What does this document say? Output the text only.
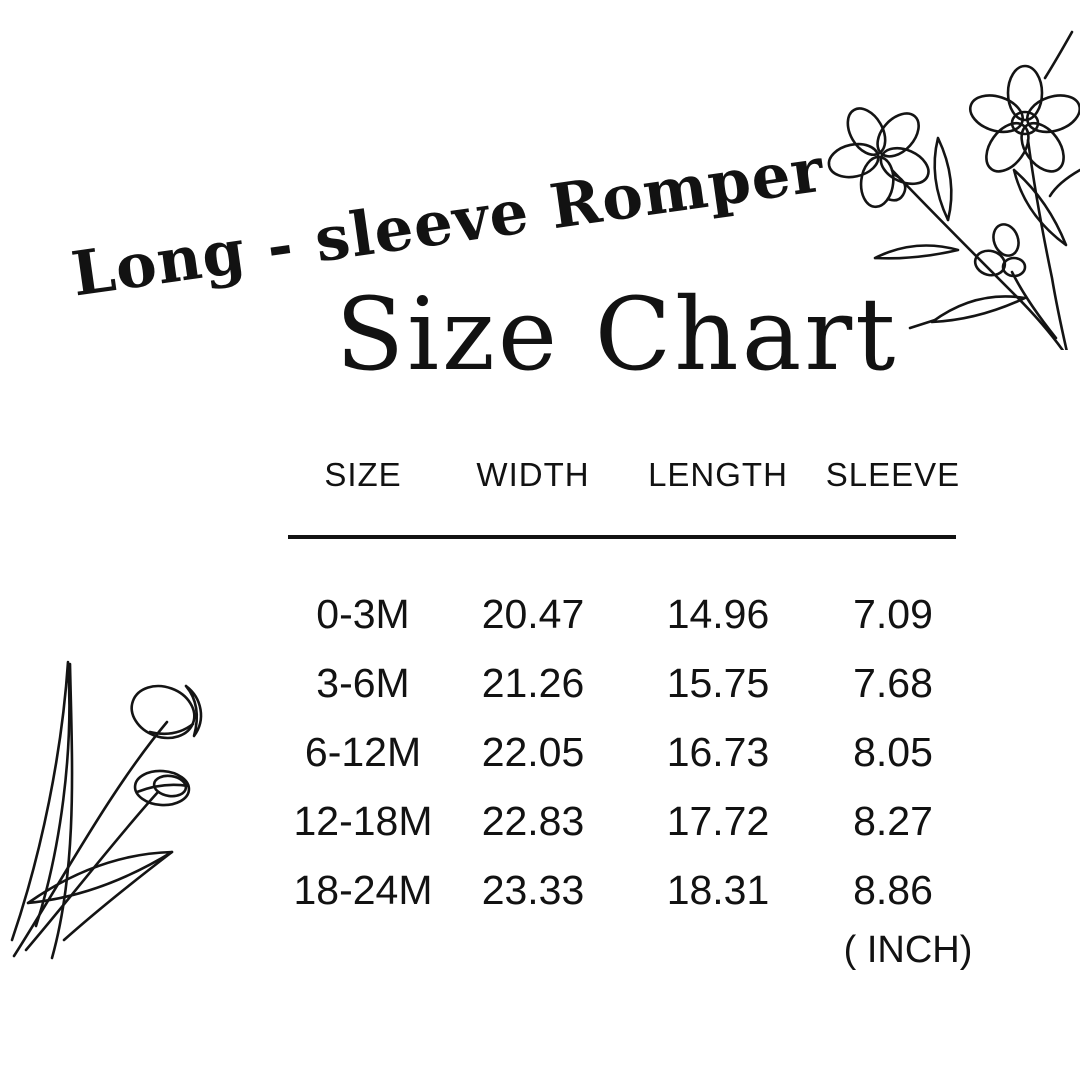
Long - sleeve Romper
Size Chart
SIZE	WIDTH	LENGTH	SLEEVE
0-3M	20.47	14.96	7.09
3-6M	21.26	15.75	7.68
6-12M	22.05	16.73	8.05
12-18M	22.83	17.72	8.27
18-24M	23.33	18.31	8.86
( INCH)
